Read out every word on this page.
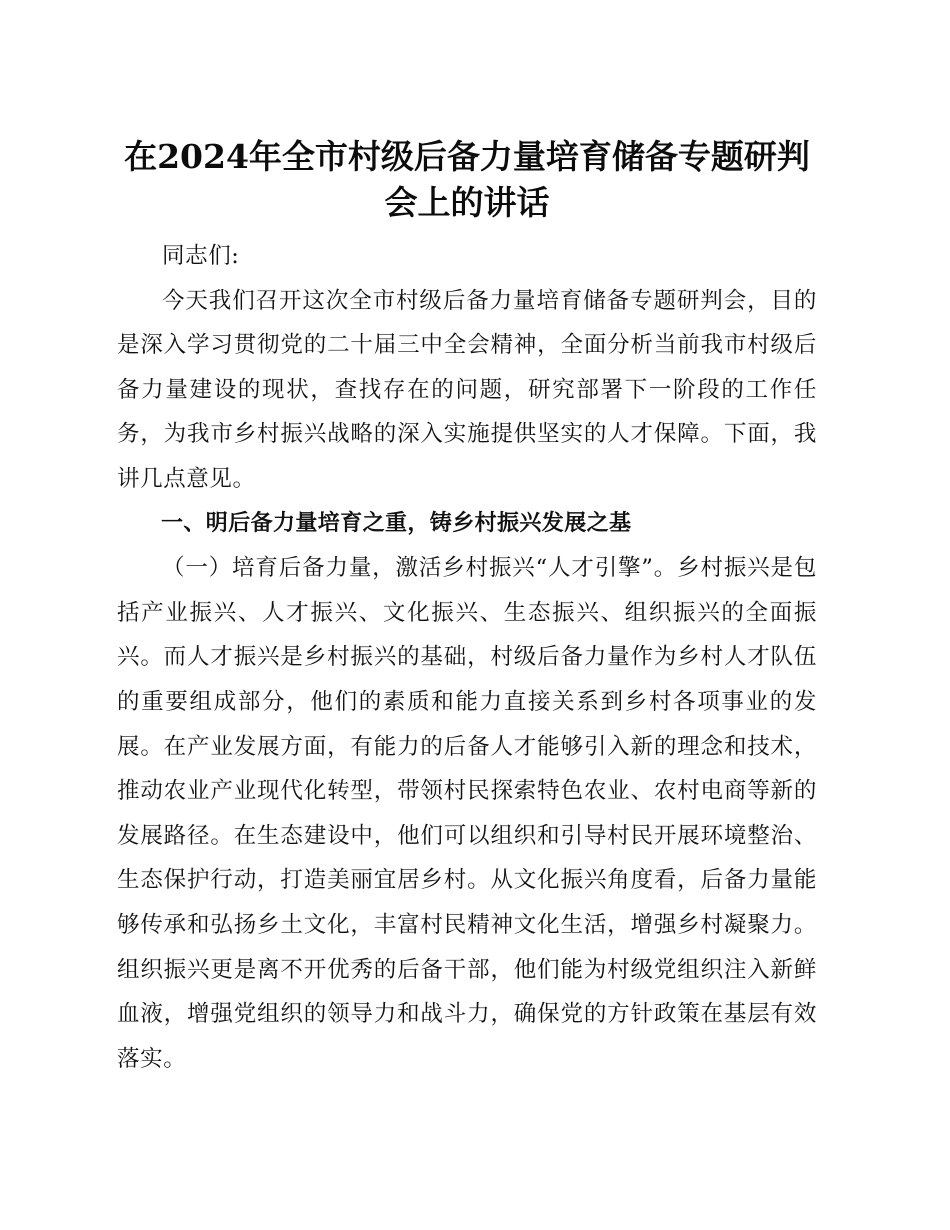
在2024年全市村级后备力量培育储备专题研判会上的讲话

同志们:

今天我们召开这次全市村级后备力量培育储备专题研判会，目的是深入学习贯彻党的二十届三中全会精神，全面分析当前我市村级后备力量建设的现状，查找存在的问题，研究部署下一阶段的工作任务，为我市乡村振兴战略的深入实施提供坚实的人才保障。下面，我讲几点意见。

一、明后备力量培育之重，铸乡村振兴发展之基

（一）培育后备力量，激活乡村振兴“人才引擎”。乡村振兴是包括产业振兴、人才振兴、文化振兴、生态振兴、组织振兴的全面振兴。而人才振兴是乡村振兴的基础，村级后备力量作为乡村人才队伍的重要组成部分，他们的素质和能力直接关系到乡村各项事业的发展。在产业发展方面，有能力的后备人才能够引入新的理念和技术，推动农业产业现代化转型，带领村民探索特色农业、农村电商等新的发展路径。在生态建设中，他们可以组织和引导村民开展环境整治、生态保护行动，打造美丽宜居乡村。从文化振兴角度看，后备力量能够传承和弘扬乡土文化，丰富村民精神文化生活，增强乡村凝聚力。组织振兴更是离不开优秀的后备干部，他们能为村级党组织注入新鲜血液，增强党组织的领导力和战斗力，确保党的方针政策在基层有效落实。
